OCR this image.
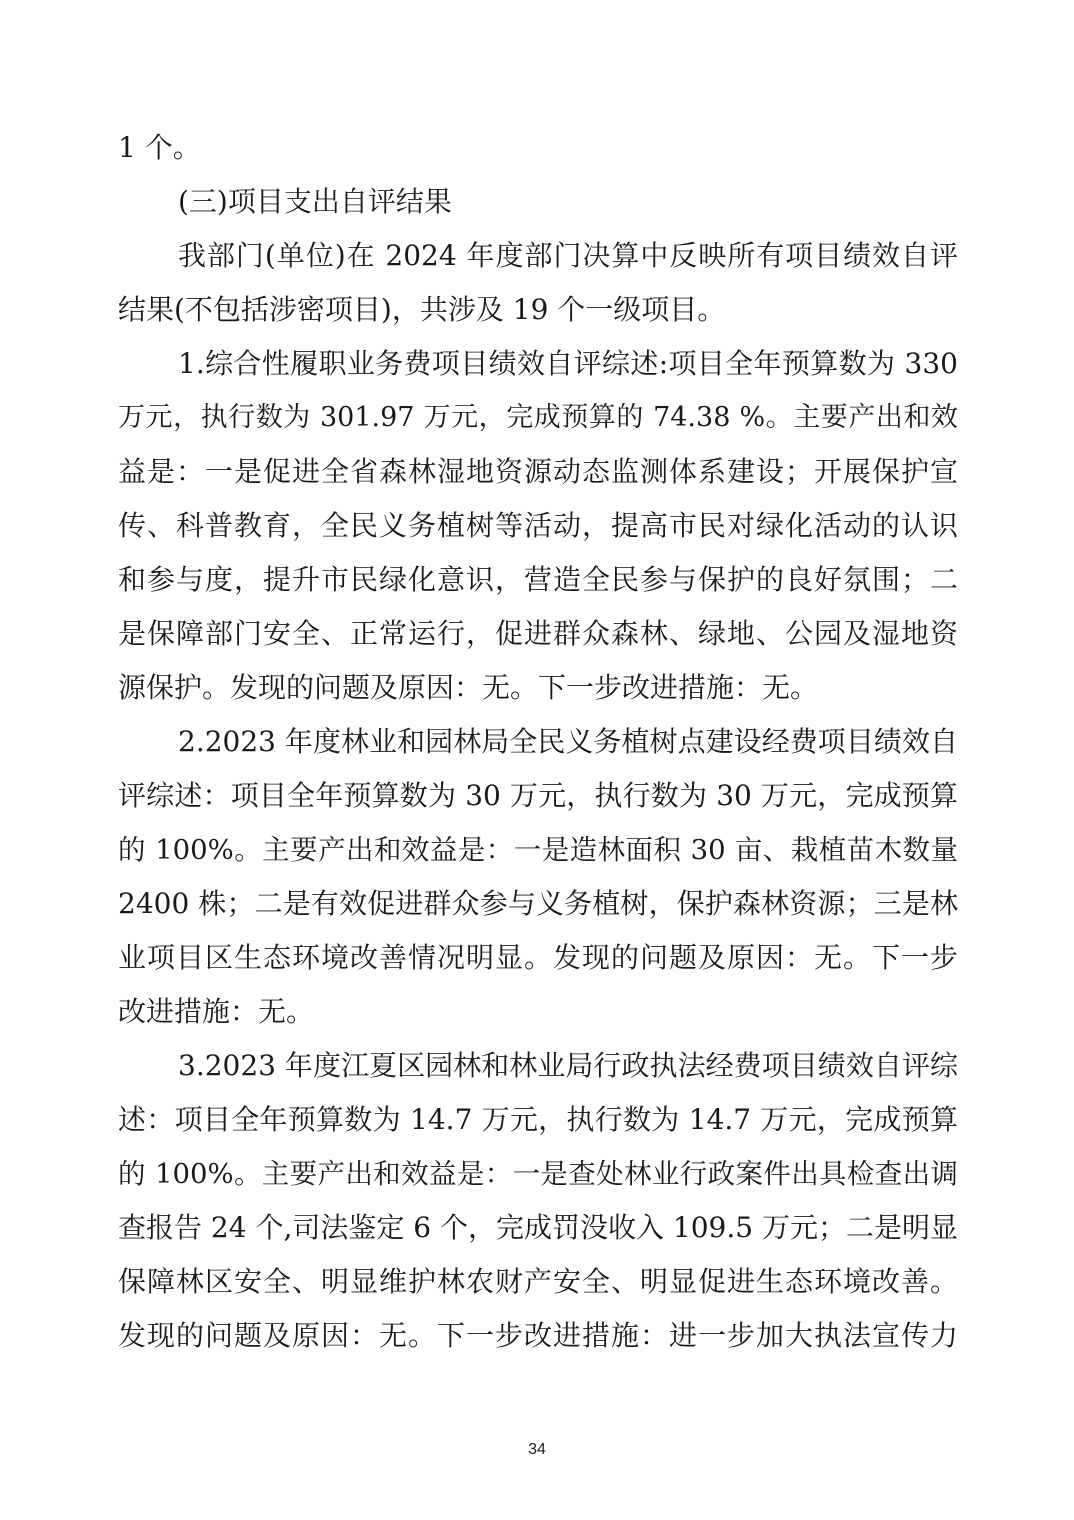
1 个。
(三)项目支出自评结果
我部门(单位)在 2024 年度部门决算中反映所有项目绩效自评
结果(不包括涉密项目)，共涉及 19 个一级项目。
1.综合性履职业务费项目绩效自评综述:项目全年预算数为 330
万元，执行数为 301.97 万元，完成预算的 74.38 %。主要产出和效
益是：一是促进全省森林湿地资源动态监测体系建设；开展保护宣
传、科普教育，全民义务植树等活动，提高市民对绿化活动的认识
和参与度，提升市民绿化意识，营造全民参与保护的良好氛围；二
是保障部门安全、正常运行，促进群众森林、绿地、公园及湿地资
源保护。发现的问题及原因：无。下一步改进措施：无。
2.2023 年度林业和园林局全民义务植树点建设经费项目绩效自
评综述：项目全年预算数为 30 万元，执行数为 30 万元，完成预算
的 100%。主要产出和效益是：一是造林面积 30 亩、栽植苗木数量
2400 株；二是有效促进群众参与义务植树，保护森林资源；三是林
业项目区生态环境改善情况明显。发现的问题及原因：无。下一步
改进措施：无。
3.2023 年度江夏区园林和林业局行政执法经费项目绩效自评综
述：项目全年预算数为 14.7 万元，执行数为 14.7 万元，完成预算
的 100%。主要产出和效益是：一是查处林业行政案件出具检查出调
查报告 24 个,司法鉴定 6 个，完成罚没收入 109.5 万元；二是明显
保障林区安全、明显维护林农财产安全、明显促进生态环境改善。
发现的问题及原因：无。下一步改进措施：进一步加大执法宣传力
34
